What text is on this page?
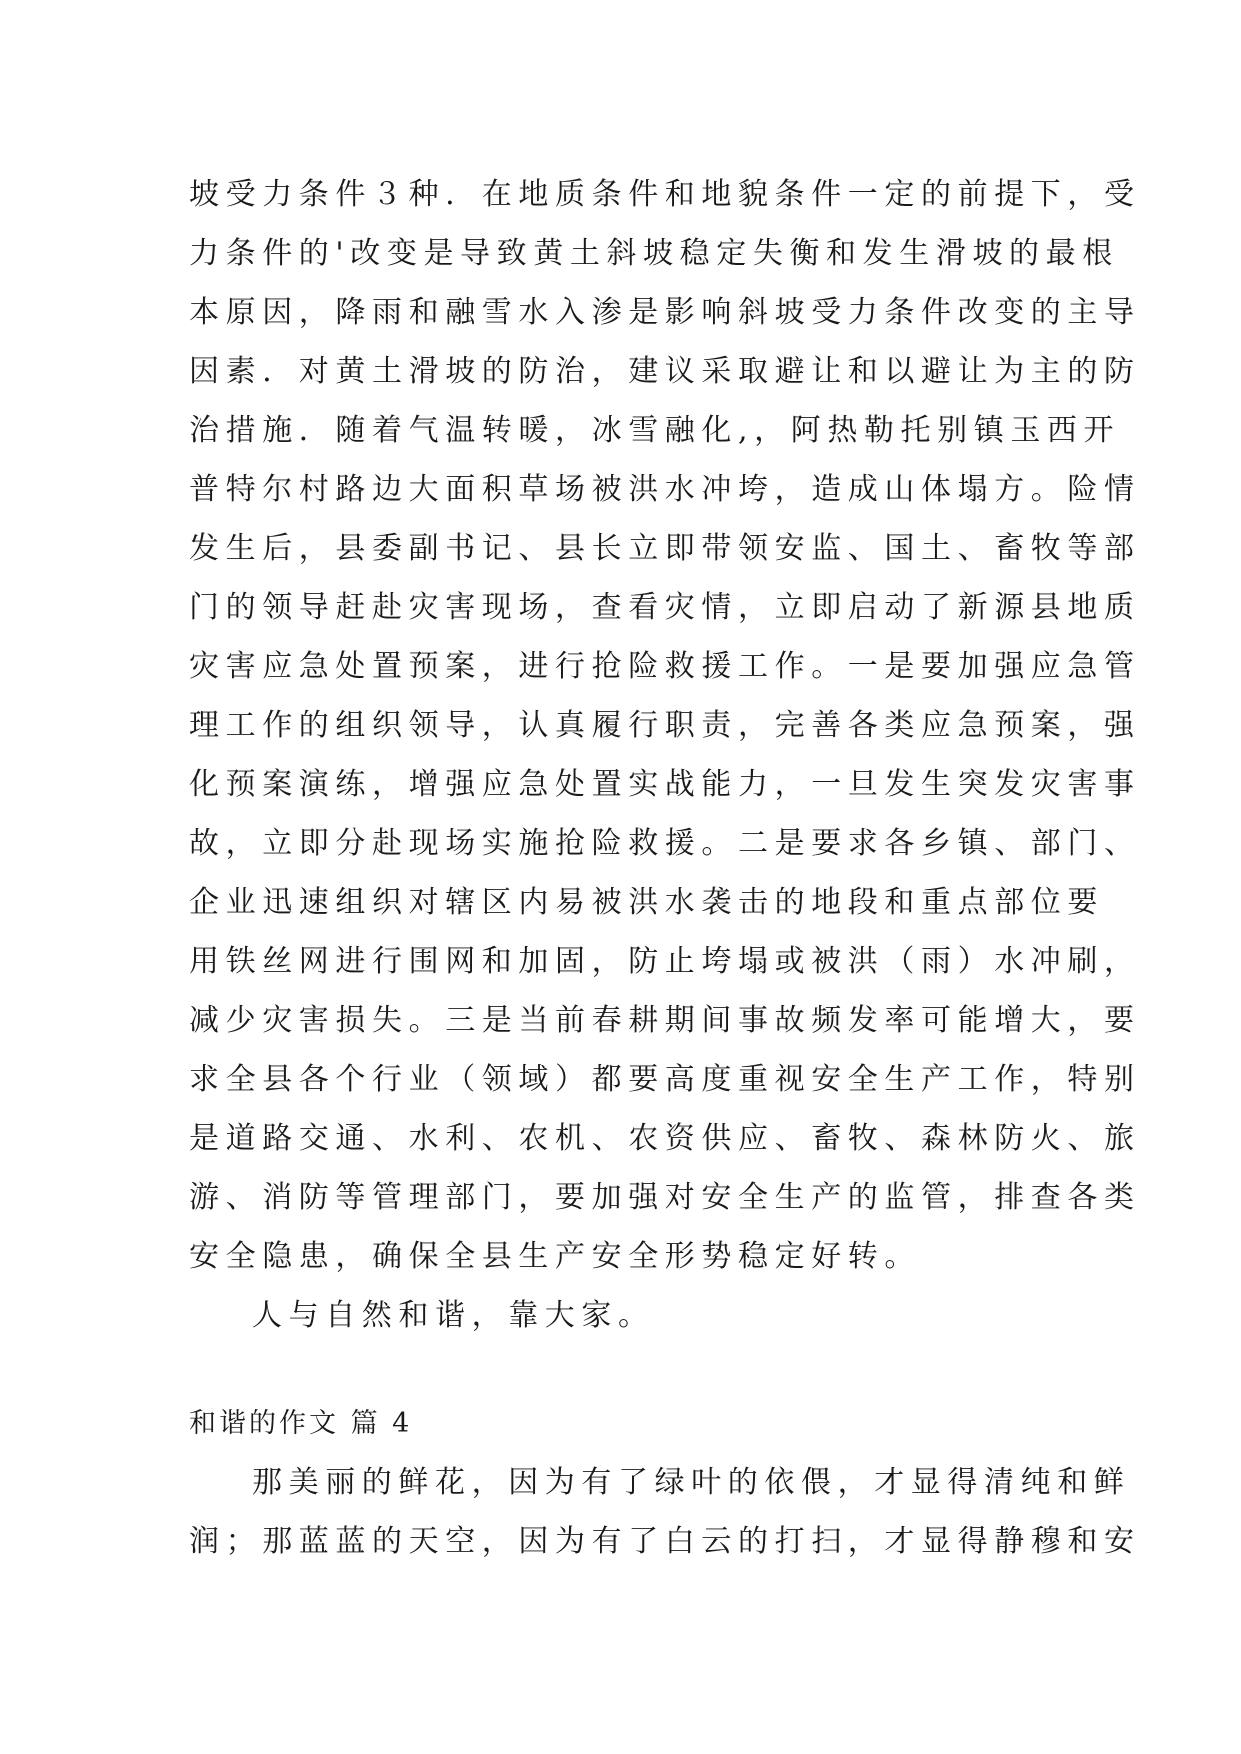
坡受力条件３种．在地质条件和地貌条件一定的前提下，受
力条件的'改变是导致黄土斜坡稳定失衡和发生滑坡的最根
本原因，降雨和融雪水入渗是影响斜坡受力条件改变的主导
因素．对黄土滑坡的防治，建议采取避让和以避让为主的防
治措施．随着气温转暖，冰雪融化,，阿热勒托别镇玉西开
普特尔村路边大面积草场被洪水冲垮，造成山体塌方。险情
发生后，县委副书记、县长立即带领安监、国土、畜牧等部
门的领导赶赴灾害现场，查看灾情，立即启动了新源县地质
灾害应急处置预案，进行抢险救援工作。一是要加强应急管
理工作的组织领导，认真履行职责，完善各类应急预案，强
化预案演练，增强应急处置实战能力，一旦发生突发灾害事
故，立即分赴现场实施抢险救援。二是要求各乡镇、部门、
企业迅速组织对辖区内易被洪水袭击的地段和重点部位要
用铁丝网进行围网和加固，防止垮塌或被洪（雨）水冲刷，
减少灾害损失。三是当前春耕期间事故频发率可能增大，要
求全县各个行业（领域）都要高度重视安全生产工作，特别
是道路交通、水利、农机、农资供应、畜牧、森林防火、旅
游、消防等管理部门，要加强对安全生产的监管，排查各类
安全隐患，确保全县生产安全形势稳定好转。
人与自然和谐，靠大家。
和谐的作文 篇 4
那美丽的鲜花，因为有了绿叶的依偎，才显得清纯和鲜
润；那蓝蓝的天空，因为有了白云的打扫，才显得静穆和安
